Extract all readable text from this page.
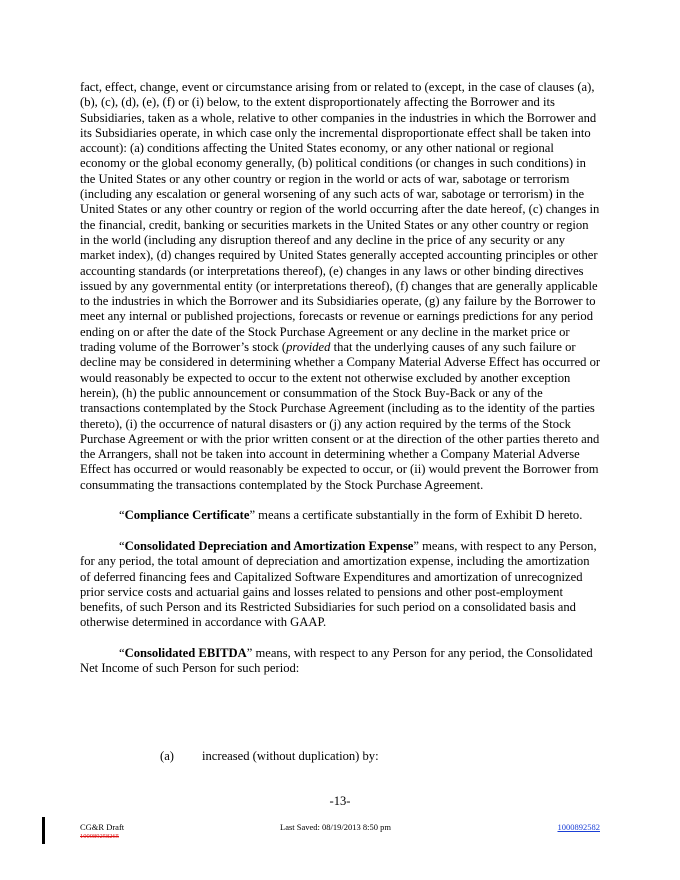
fact, effect, change, event or circumstance arising from or related to (except, in the case of clauses (a), (b), (c), (d), (e), (f) or (i) below, to the extent disproportionately affecting the Borrower and its Subsidiaries, taken as a whole, relative to other companies in the industries in which the Borrower and its Subsidiaries operate, in which case only the incremental disproportionate effect shall be taken into account): (a) conditions affecting the United States economy, or any other national or regional economy or the global economy generally, (b) political conditions (or changes in such conditions) in the United States or any other country or region in the world or acts of war, sabotage or terrorism (including any escalation or general worsening of any such acts of war, sabotage or terrorism) in the United States or any other country or region of the world occurring after the date hereof, (c) changes in the financial, credit, banking or securities markets in the United States or any other country or region in the world (including any disruption thereof and any decline in the price of any security or any market index), (d) changes required by United States generally accepted accounting principles or other accounting standards (or interpretations thereof), (e) changes in any laws or other binding directives issued by any governmental entity (or interpretations thereof), (f) changes that are generally applicable to the industries in which the Borrower and its Subsidiaries operate, (g) any failure by the Borrower to meet any internal or published projections, forecasts or revenue or earnings predictions for any period ending on or after the date of the Stock Purchase Agreement or any decline in the market price or trading volume of the Borrower’s stock (provided that the underlying causes of any such failure or decline may be considered in determining whether a Company Material Adverse Effect has occurred or would reasonably be expected to occur to the extent not otherwise excluded by another exception herein), (h) the public announcement or consummation of the Stock Buy-Back or any of the transactions contemplated by the Stock Purchase Agreement (including as to the identity of the parties thereto), (i) the occurrence of natural disasters or (j) any action required by the terms of the Stock Purchase Agreement or with the prior written consent or at the direction of the other parties thereto and the Arrangers, shall not be taken into account in determining whether a Company Material Adverse Effect has occurred or would reasonably be expected to occur, or (ii) would prevent the Borrower from consummating the transactions contemplated by the Stock Purchase Agreement.

“Compliance Certificate” means a certificate substantially in the form of Exhibit D hereto.

“Consolidated Depreciation and Amortization Expense” means, with respect to any Person, for any period, the total amount of depreciation and amortization expense, including the amortization of deferred financing fees and Capitalized Software Expenditures and amortization of unrecognized prior service costs and actuarial gains and losses related to pensions and other post-employment benefits, of such Person and its Restricted Subsidiaries for such period on a consolidated basis and otherwise determined in accordance with GAAP.

“Consolidated EBITDA” means, with respect to any Person for any period, the Consolidated Net Income of such Person for such period:

(a) increased (without duplication) by:
-13-
CG&R Draft
100089258265
Last Saved: 08/19/2013 8:50 pm	1000892582
